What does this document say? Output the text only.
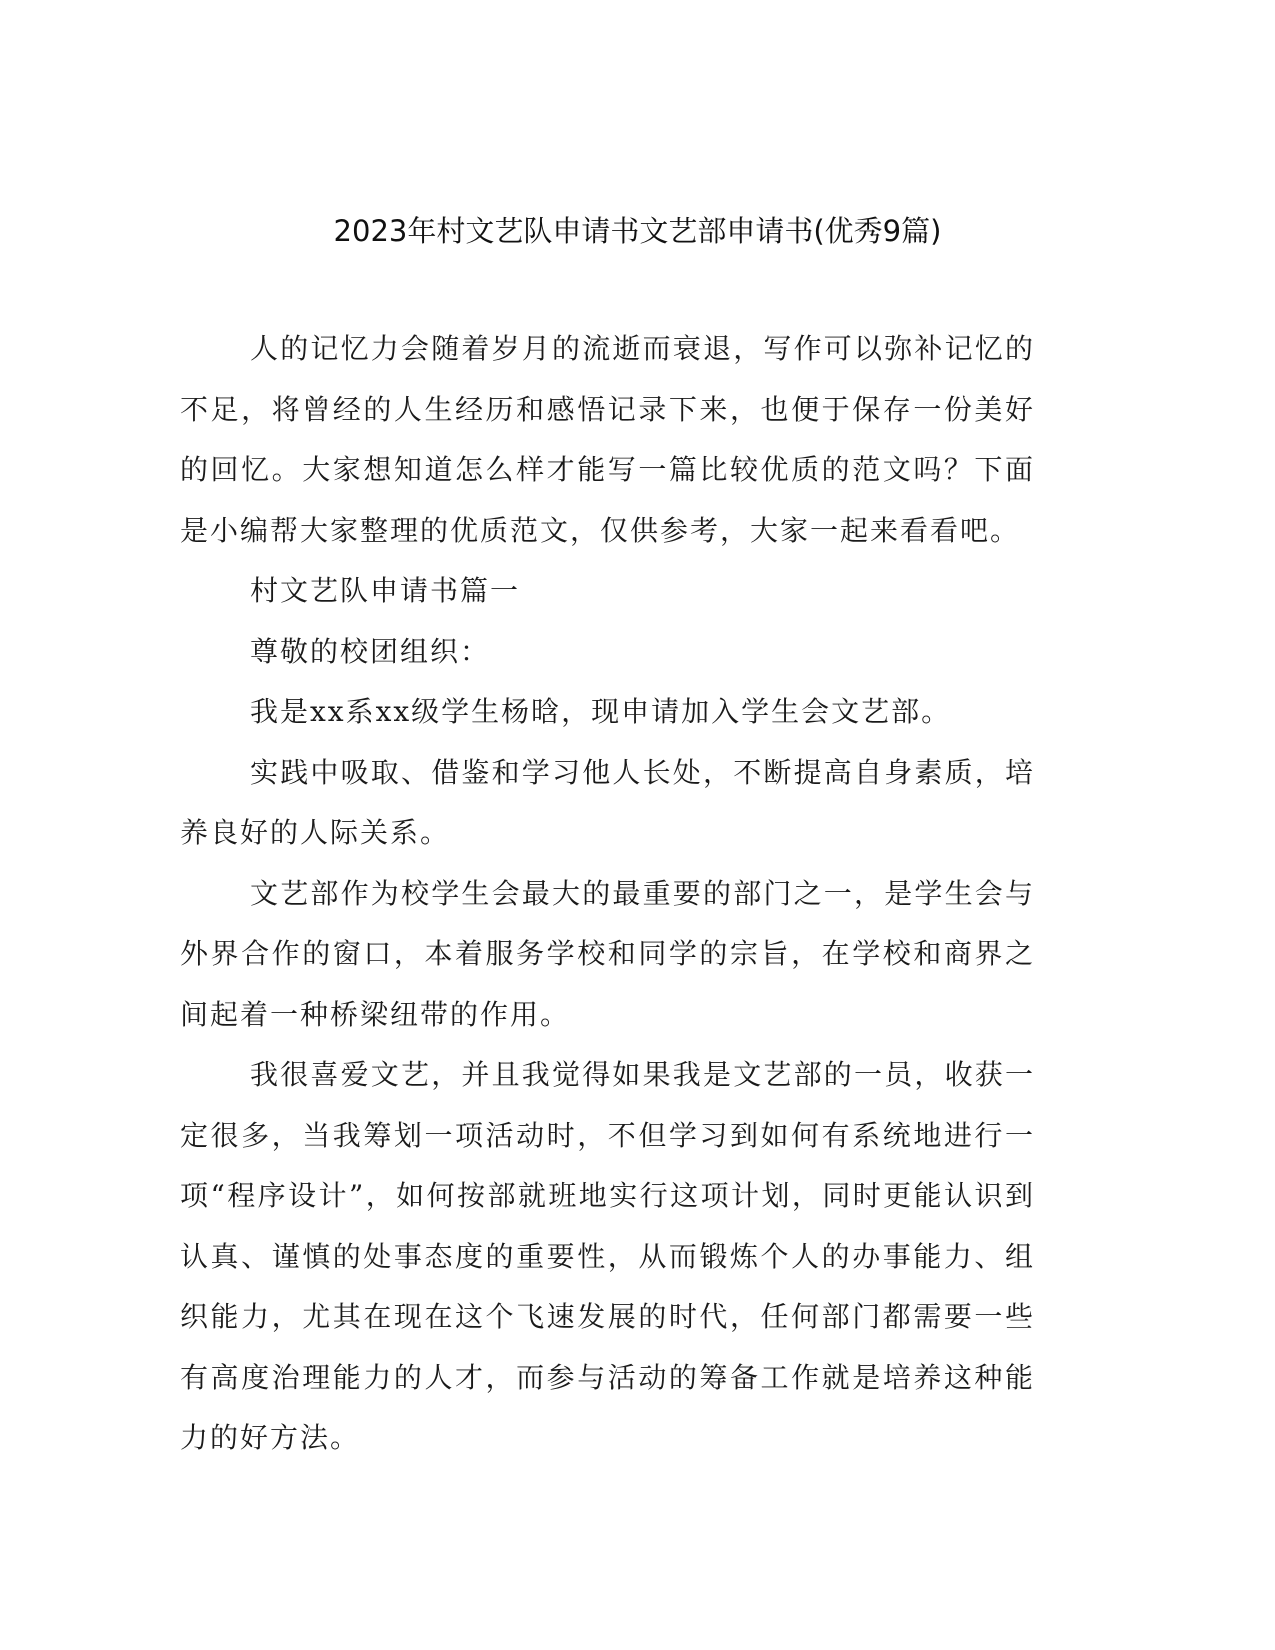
2023年村文艺队申请书文艺部申请书(优秀9篇)

人的记忆力会随着岁月的流逝而衰退，写作可以弥补记忆的不足，将曾经的人生经历和感悟记录下来，也便于保存一份美好的回忆。大家想知道怎么样才能写一篇比较优质的范文吗？下面是小编帮大家整理的优质范文，仅供参考，大家一起来看看吧。

村文艺队申请书篇一

尊敬的校团组织：

我是xx系xx级学生杨晗，现申请加入学生会文艺部。

实践中吸取、借鉴和学习他人长处，不断提高自身素质，培养良好的人际关系。

文艺部作为校学生会最大的最重要的部门之一，是学生会与外界合作的窗口，本着服务学校和同学的宗旨，在学校和商界之间起着一种桥梁纽带的作用。

我很喜爱文艺，并且我觉得如果我是文艺部的一员，收获一定很多，当我筹划一项活动时，不但学习到如何有系统地进行一项“程序设计”，如何按部就班地实行这项计划，同时更能认识到认真、谨慎的处事态度的重要性，从而锻炼个人的办事能力、组织能力，尤其在现在这个飞速发展的时代，任何部门都需要一些有高度治理能力的人才，而参与活动的筹备工作就是培养这种能力的好方法。
